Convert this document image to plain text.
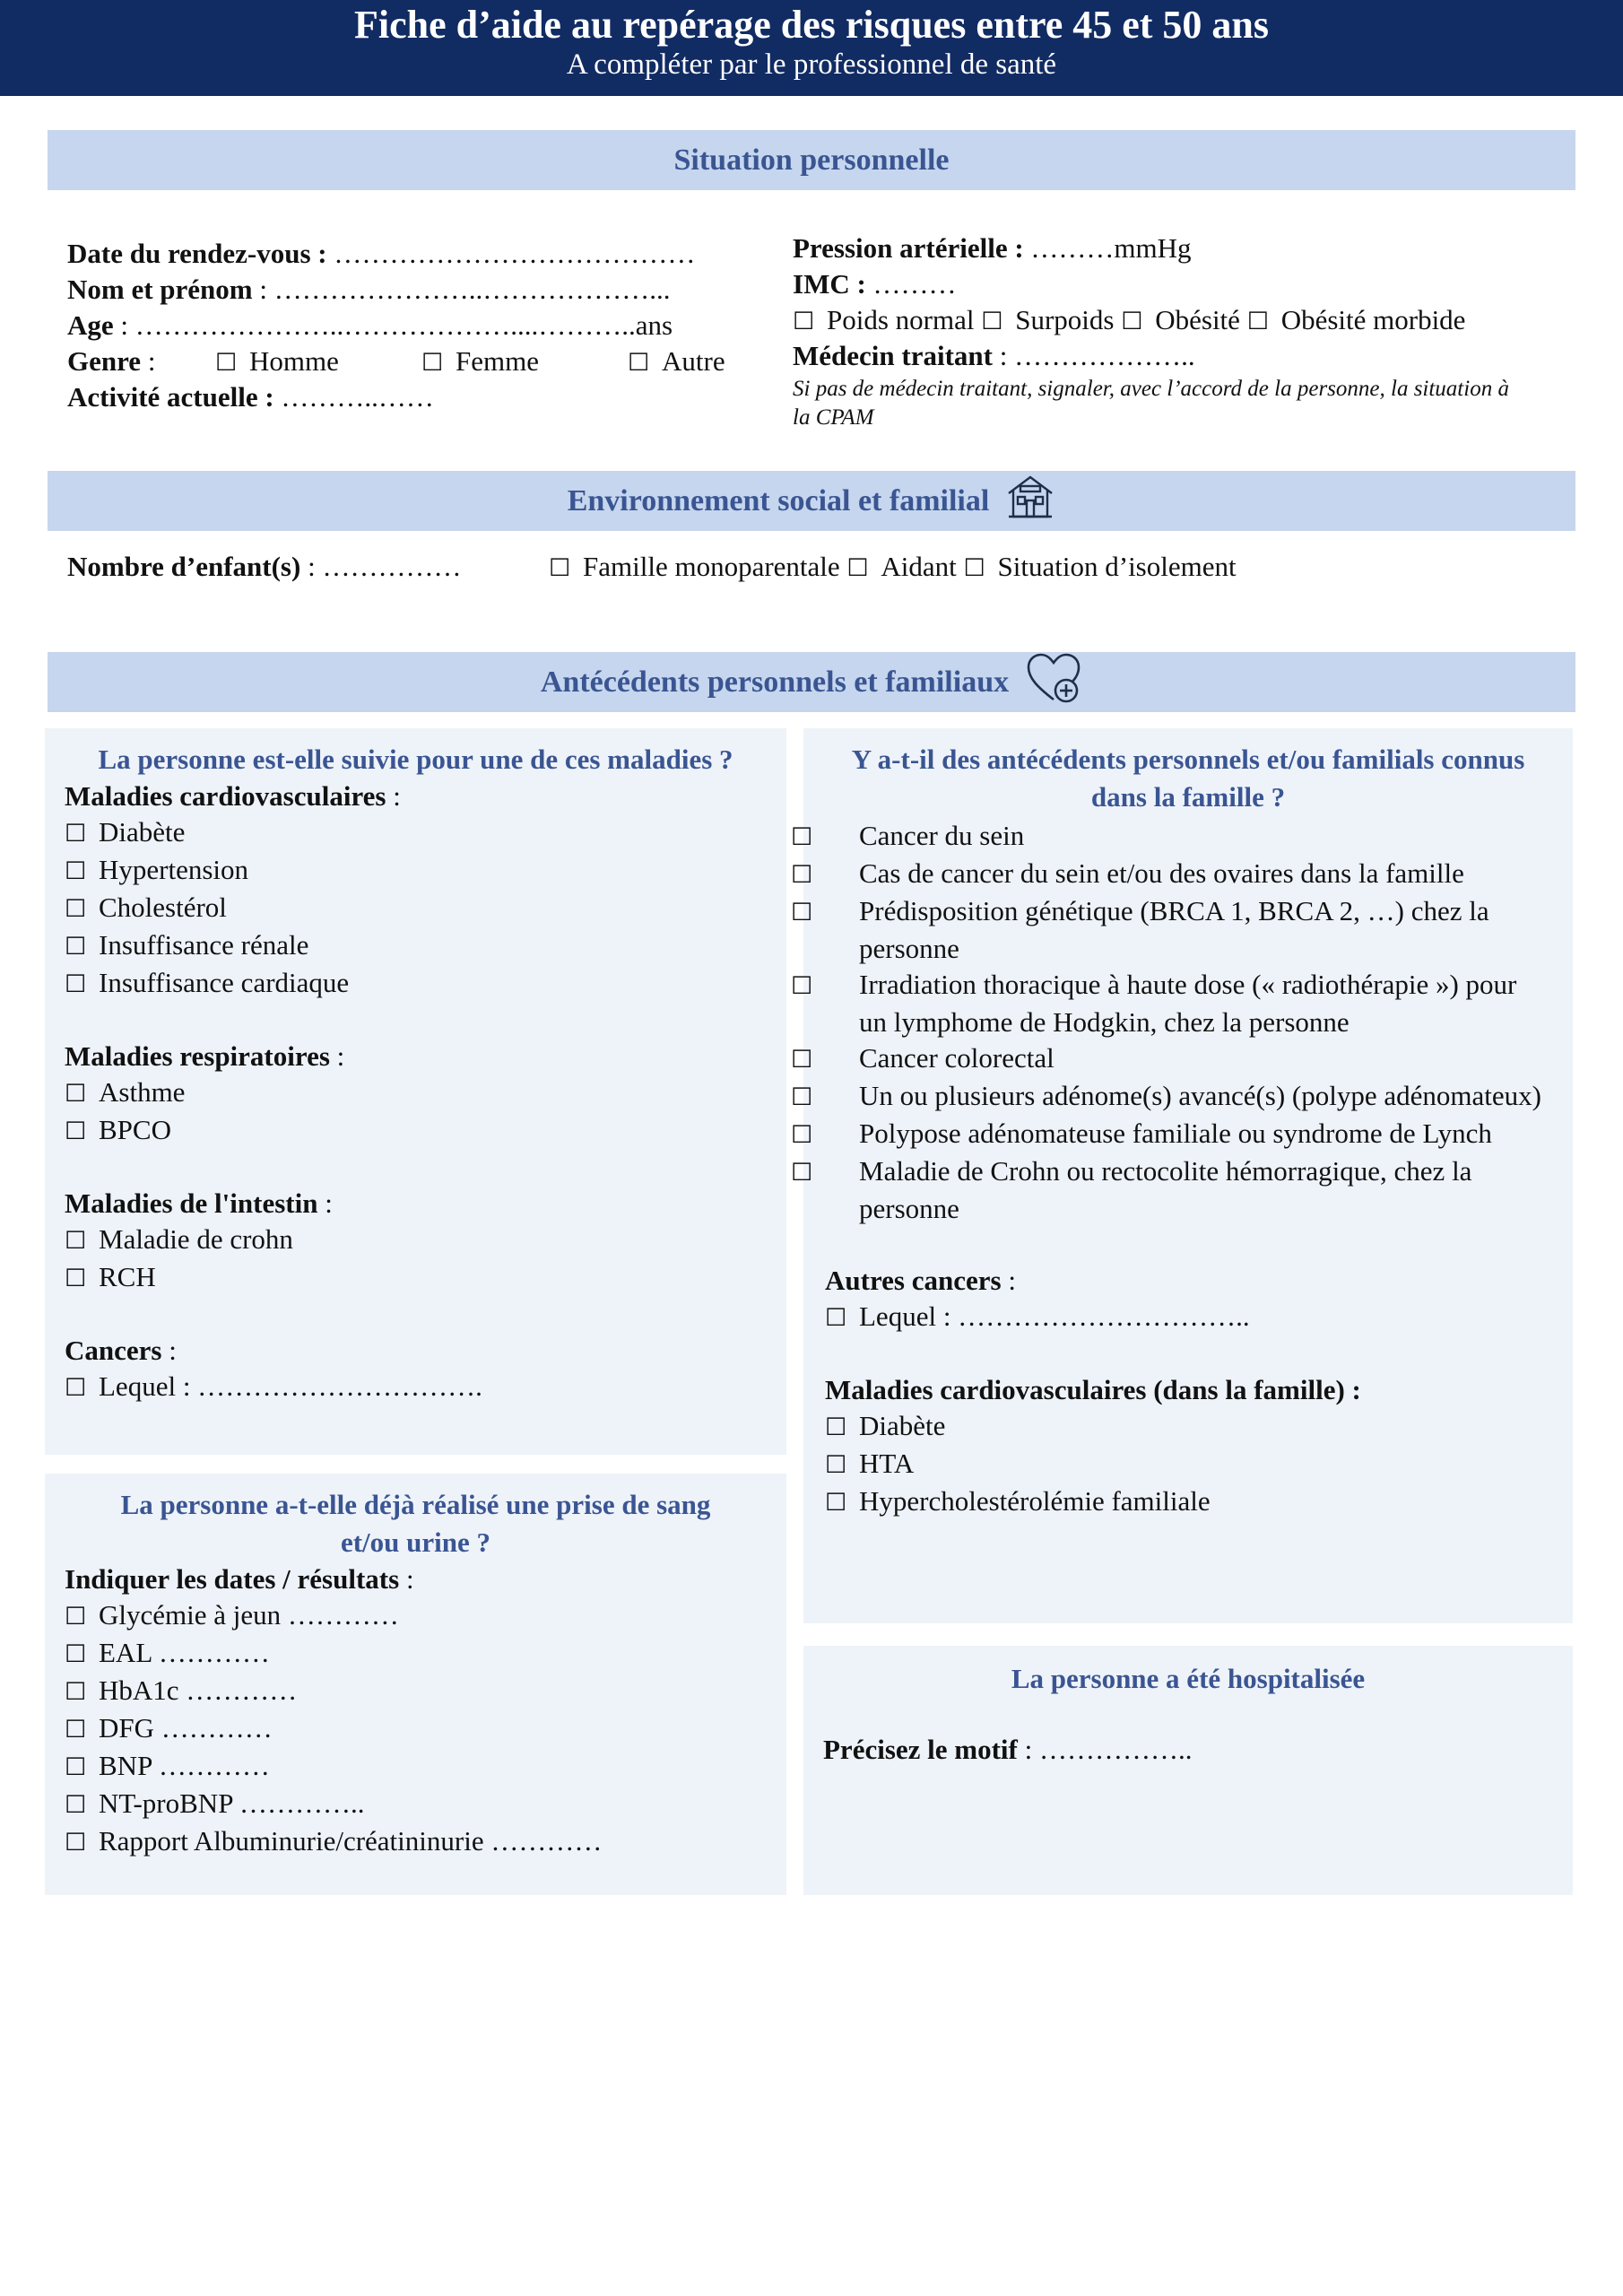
Fiche d’aide au repérage des risques entre 45 et 50 ans
A compléter par le professionnel de santé
Situation personnelle
Date du rendez-vous : …………………………………
Nom et prénom : …………………..………………...
Age : …………………..………………....………..ans
Genre : ☐ Homme	☐ Femme	☐ Autre
Activité actuelle : ………..……
Pression artérielle : ………mmHg
IMC : ………
☐ Poids normal ☐ Surpoids ☐ Obésité ☐ Obésité morbide
Médecin traitant : ………………..
Si pas de médecin traitant, signaler, avec l’accord de la personne, la situation à la CPAM
Environnement social et familial
Nombre d’enfant(s) : ……………	☐ Famille monoparentale ☐ Aidant ☐ Situation d’isolement
Antécédents personnels et familiaux
La personne est-elle suivie pour une de ces maladies ?
Maladies cardiovasculaires :
☐ Diabète
☐ Hypertension
☐ Cholestérol
☐ Insuffisance rénale
☐ Insuffisance cardiaque
Maladies respiratoires :
☐ Asthme
☐ BPCO
Maladies de l'intestin :
☐ Maladie de crohn
☐ RCH
Cancers :
☐ Lequel : ………………………….
Y a-t-il des antécédents personnels et/ou familials connus dans la famille ?
☐ Cancer du sein
☐ Cas de cancer du sein et/ou des ovaires dans la famille
☐ Prédisposition génétique (BRCA 1, BRCA 2, …) chez la personne
☐ Irradiation thoracique à haute dose (« radiothérapie ») pour un lymphome de Hodgkin, chez la personne
☐ Cancer colorectal
☐ Un ou plusieurs adénome(s) avancé(s) (polype adénomateux)
☐ Polypose adénomateuse familiale ou syndrome de Lynch
☐ Maladie de Crohn ou rectocolite hémorragique, chez la personne
Autres cancers :
☐ Lequel : …………………………..
Maladies cardiovasculaires (dans la famille) :
☐ Diabète
☐ HTA
☐ Hypercholestérolémie familiale
La personne a-t-elle déjà réalisé une prise de sang et/ou urine ?
Indiquer les dates / résultats :
☐ Glycémie à jeun …………
☐ EAL …………
☐ HbA1c …………
☐ DFG …………
☐ BNP …………
☐ NT-proBNP …………..
☐ Rapport Albuminurie/créatininurie …………
La personne a été hospitalisée
Précisez le motif : ……………..
